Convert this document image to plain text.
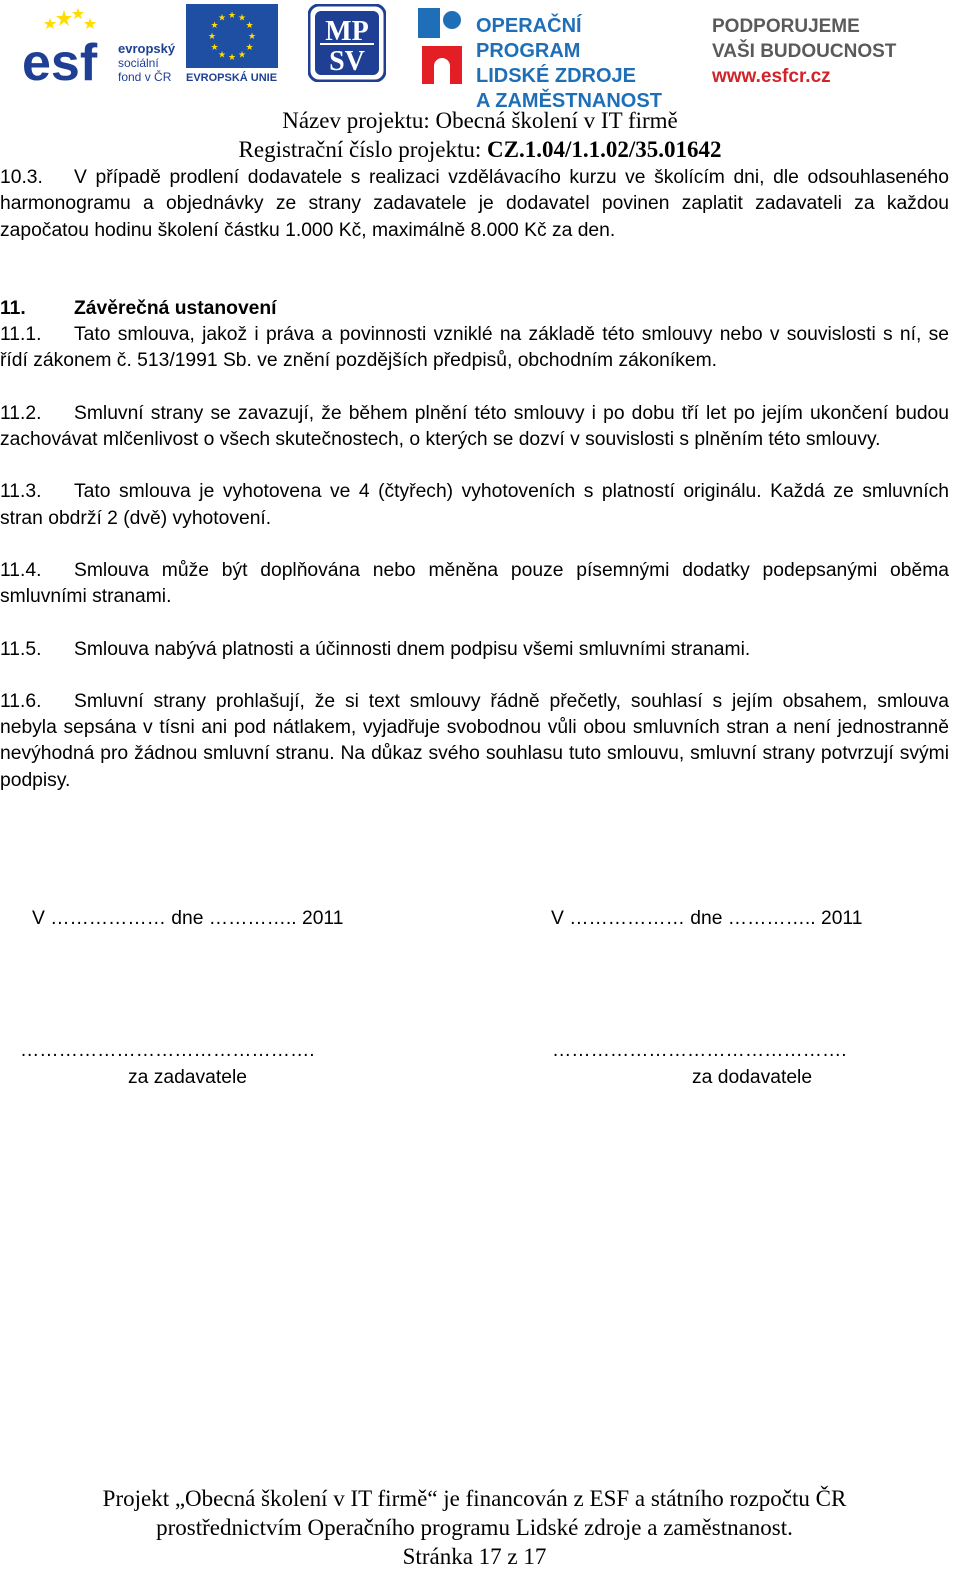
esf evropský
sociální
fond v ČR
★ ★
★
★
★
★
★
★
★
★
★
★
EVROPSKÁ UNIE
MP
SV
OPERAČNÍ PROGRAM
LIDSKÉ ZDROJE
A ZAMĚSTNANOST
PODPORUJEME
VAŠI BUDOUCNOST
www.esfcr.cz
Název projektu: Obecná školení v IT firmě
Registrační číslo projektu: CZ.1.04/1.1.02/35.01642

10.3. V případě prodlení dodavatele s realizaci vzdělávacího kurzu ve školícím dni, dle odsouhlaseného harmonogramu a objednávky ze strany zadavatele je dodavatel povinen zaplatit zadavateli za každou započatou hodinu školení částku 1.000 Kč, maximálně 8.000 Kč za den.

11.	Závěrečná ustanovení

11.1. Tato smlouva, jakož i práva a povinnosti vzniklé na základě této smlouvy nebo v souvislosti s ní, se řídí zákonem č. 513/1991 Sb. ve znění pozdějších předpisů, obchodním zákoníkem.

11.2. Smluvní strany se zavazují, že během plnění této smlouvy i po dobu tří let po jejím ukončení budou zachovávat mlčenlivost o všech skutečnostech, o kterých se dozví v souvislosti s plněním této smlouvy.

11.3. Tato smlouva je vyhotovena ve 4 (čtyřech) vyhotoveních s platností originálu. Každá ze smluvních stran obdrží 2 (dvě) vyhotovení.

11.4. Smlouva může být doplňována nebo měněna pouze písemnými dodatky podepsanými oběma smluvními stranami.

11.5. Smlouva nabývá platnosti a účinnosti dnem podpisu všemi smluvními stranami.

11.6. Smluvní strany prohlašují, že si text smlouvy řádně přečetly, souhlasí s jejím obsahem, smlouva nebyla sepsána v tísni ani pod nátlakem, vyjadřuje svobodnou vůli obou smluvních stran a není jednostranně nevýhodná pro žádnou smluvní stranu. Na důkaz svého souhlasu tuto smlouvu, smluvní strany potvrzují svými podpisy.

V ……………… dne ………….. 2011	V ……………… dne ………….. 2011
……………………………………….	……………………………………….
za zadavatele	za dodavatele
Projekt „Obecná školení v IT firmě“ je financován z ESF a státního rozpočtu ČR
prostřednictvím Operačního programu Lidské zdroje a zaměstnanost.
Stránka 17 z 17
